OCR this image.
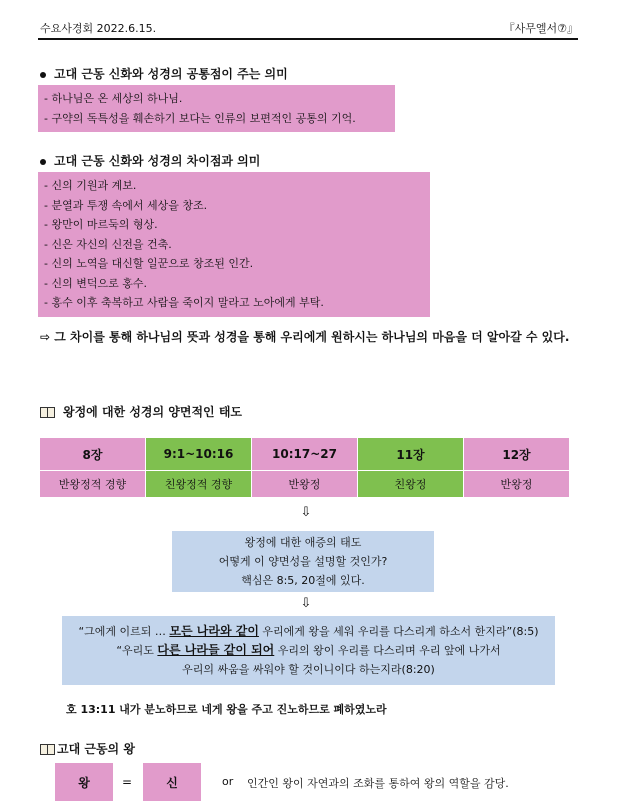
수요사경회 2022.6.15.	『사무엘서⑦』
고대 근동 신화와 성경의 공통점이 주는 의미
- 하나님은 온 세상의 하나님.
- 구약의 독특성을 훼손하기 보다는 인류의 보편적인 공통의 기억.
고대 근동 신화와 성경의 차이점과 의미
- 신의 기원과 계보.
- 분열과 투쟁 속에서 세상을 창조.
- 왕만이 마르둑의 형상.
- 신은 자신의 신전을 건축.
- 신의 노역을 대신할 일꾼으로 창조된 인간.
- 신의 변덕으로 홍수.
- 홍수 이후 축복하고 사람을 죽이지 말라고 노아에게 부탁.
⇨ 그 차이를 통해 하나님의 뜻과 성경을 통해 우리에게 원하시는 하나님의 마음을 더 알아갈 수 있다.
왕정에 대한 성경의 양면적인 태도
8장	9:1~10:16	10:17~27	11장	12장
반왕정적 경향	친왕정적 경향	반왕정	친왕정	반왕정
⇩
왕정에 대한 애증의 태도
어떻게 이 양면성을 설명할 것인가?
핵심은 8:5, 20절에 있다.
⇩
“그에게 이르되 … 모든 나라와 같이 우리에게 왕을 세워 우리를 다스리게 하소서 한지라”(8:5)
“우리도 다른 나라들 같이 되어 우리의 왕이 우리를 다스리며 우리 앞에 나가서
우리의 싸움을 싸워야 할 것이니이다 하는지라(8:20)
호 13:11 내가 분노하므로 네게 왕을 주고 진노하므로 폐하였노라
고대 근동의 왕
왕	=	신	or 인간인 왕이 자연과의 조화를 통하여 왕의 역할을 감당.
